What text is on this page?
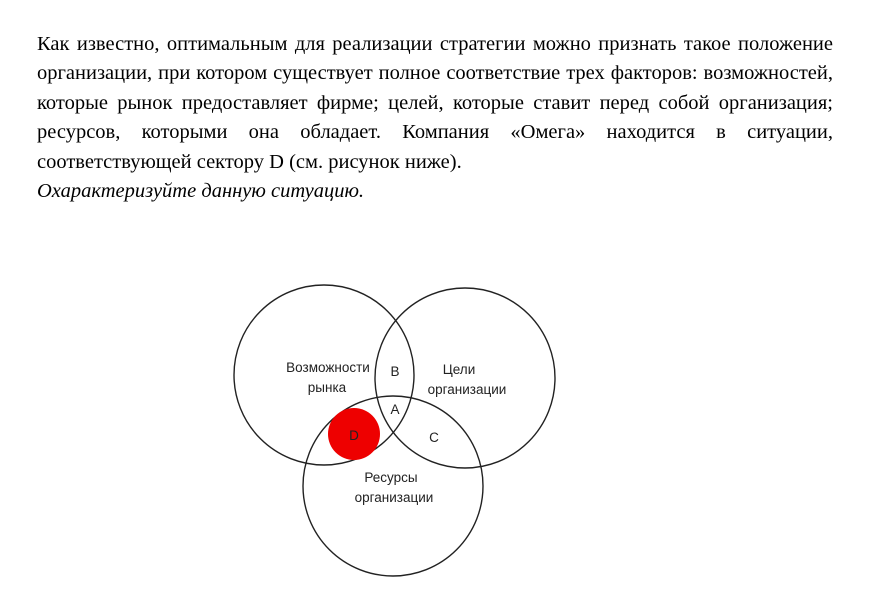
Как известно, оптимальным для реализации стратегии можно признать такое положение организации, при котором существует полное соответствие трех факторов: возможностей, которые рынок предоставляет фирме; целей, которые ставит перед собой организация; ресурсов, которыми она обладает. Компания «Омега» находится в ситуации, соответствующей сектору D (см. рисунок ниже).

Охарактеризуйте данную ситуацию.

Возможности
рынка
Цели
организации
Ресурсы
организации
B
A
C
D
